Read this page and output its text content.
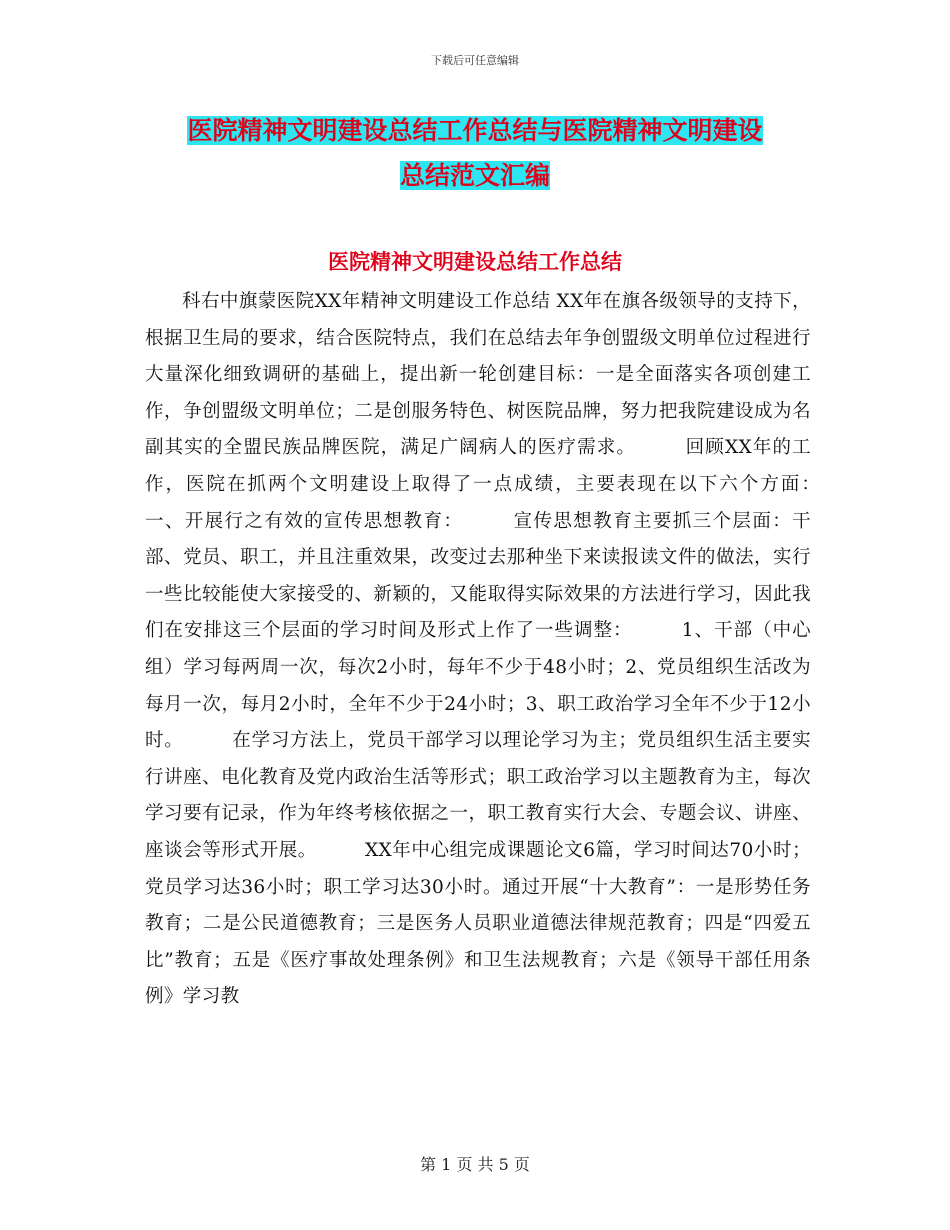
下载后可任意编辑
医院精神文明建设总结工作总结与医院精神文明建设
总结范文汇编
医院精神文明建设总结工作总结

科右中旗蒙医院XX年精神文明建设工作总结 XX年在旗各级领导的支持下，根据卫生局的要求，结合医院特点，我们在总结去年争创盟级文明单位过程进行大量深化细致调研的基础上，提出新一轮创建目标：一是全面落实各项创建工作，争创盟级文明单位；二是创服务特色、树医院品牌，努力把我院建设成为名副其实的全盟民族品牌医院，满足广阔病人的医疗需求。　　　回顾XX年的工作，医院在抓两个文明建设上取得了一点成绩，主要表现在以下六个方面：　　　一、开展行之有效的宣传思想教育：　　　宣传思想教育主要抓三个层面：干部、党员、职工，并且注重效果，改变过去那种坐下来读报读文件的做法，实行一些比较能使大家接受的、新颖的，又能取得实际效果的方法进行学习，因此我们在安排这三个层面的学习时间及形式上作了一些调整：　　　1、干部（中心组）学习每两周一次，每次2小时，每年不少于48小时；2、党员组织生活改为每月一次，每月2小时，全年不少于24小时；3、职工政治学习全年不少于12小时。　　　在学习方法上，党员干部学习以理论学习为主；党员组织生活主要实行讲座、电化教育及党内政治生活等形式；职工政治学习以主题教育为主，每次学习要有记录，作为年终考核依据之一，职工教育实行大会、专题会议、讲座、座谈会等形式开展。　　　XX年中心组完成课题论文6篇，学习时间达70小时；党员学习达36小时；职工学习达30小时。通过开展“十大教育”：一是形势任务教育；二是公民道德教育；三是医务人员职业道德法律规范教育；四是“四爱五比”教育；五是《医疗事故处理条例》和卫生法规教育；六是《领导干部任用条例》学习教

第 1 页 共 5 页
